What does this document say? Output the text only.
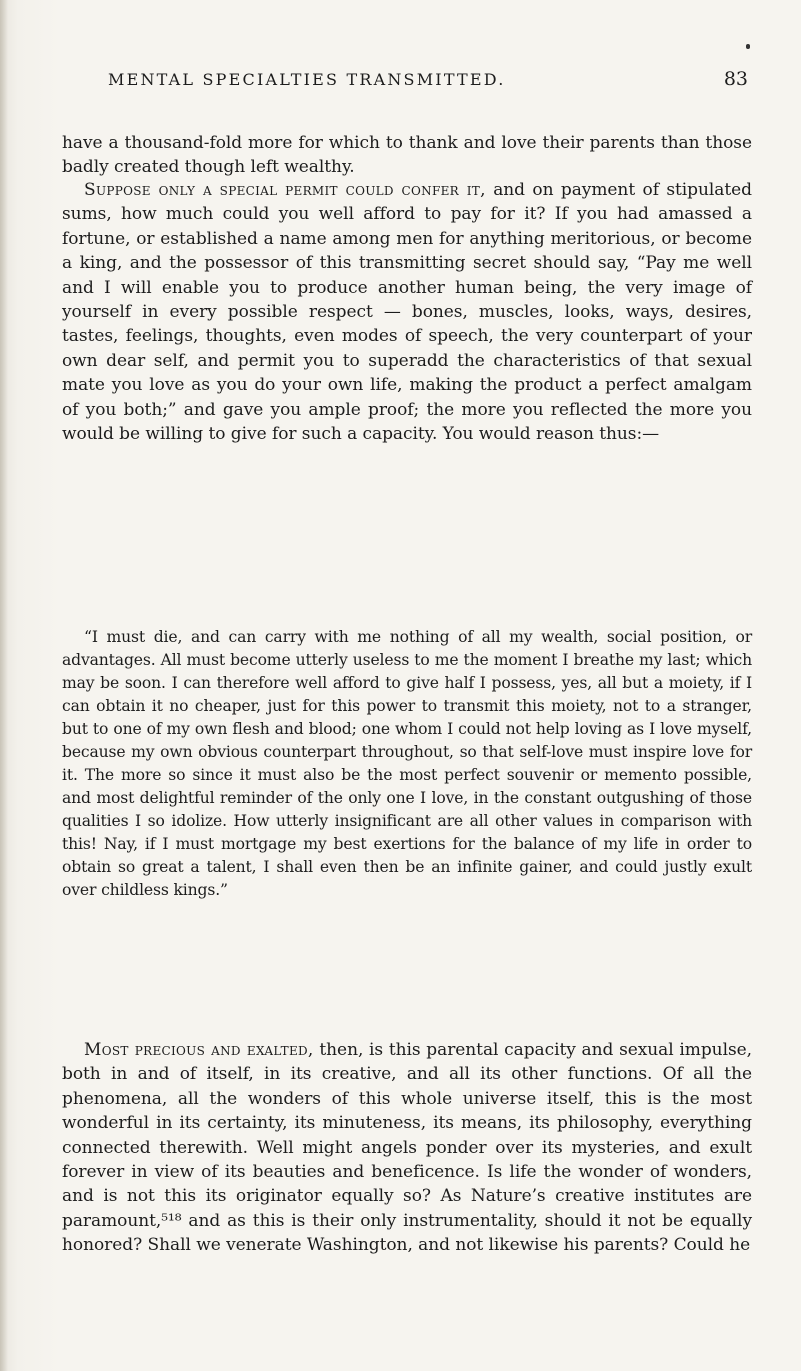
MENTAL SPECIALTIES TRANSMITTED.	83

have a thousand-fold more for which to thank and love their parents than those badly created though left wealthy.

Suppose only a special permit could confer it, and on payment of stipulated sums, how much could you well afford to pay for it? If you had amassed a fortune, or established a name among men for anything meritorious, or become a king, and the possessor of this transmitting secret should say, “Pay me well and I will enable you to produce another human being, the very image of yourself in every possible respect — bones, muscles, looks, ways, desires, tastes, feelings, thoughts, even modes of speech, the very counterpart of your own dear self, and permit you to superadd the characteristics of that sexual mate you love as you do your own life, making the product a perfect amalgam of you both;” and gave you ample proof; the more you reflected the more you would be willing to give for such a capacity. You would reason thus:—

“I must die, and can carry with me nothing of all my wealth, social position, or advantages. All must become utterly useless to me the moment I breathe my last; which may be soon. I can therefore well afford to give half I possess, yes, all but a moiety, if I can obtain it no cheaper, just for this power to transmit this moiety, not to a stranger, but to one of my own flesh and blood; one whom I could not help loving as I love myself, because my own obvious counterpart throughout, so that self-love must inspire love for it. The more so since it must also be the most perfect souvenir or memento possible, and most delightful reminder of the only one I love, in the constant outgushing of those qualities I so idolize. How utterly insignificant are all other values in comparison with this! Nay, if I must mortgage my best exertions for the balance of my life in order to obtain so great a talent, I shall even then be an infinite gainer, and could justly exult over childless kings.”

Most precious and exalted, then, is this parental capacity and sexual impulse, both in and of itself, in its creative, and all its other functions. Of all the phenomena, all the wonders of this whole universe itself, this is the most wonderful in its certainty, its minuteness, its means, its philosophy, everything connected therewith. Well might angels ponder over its mysteries, and exult forever in view of its beauties and beneficence. Is life the wonder of wonders, and is not this its originator equally so? As Nature’s creative institutes are paramount,⁵¹⁸ and as this is their only instrumentality, should it not be equally honored? Shall we venerate Washington, and not likewise his parents? Could he
